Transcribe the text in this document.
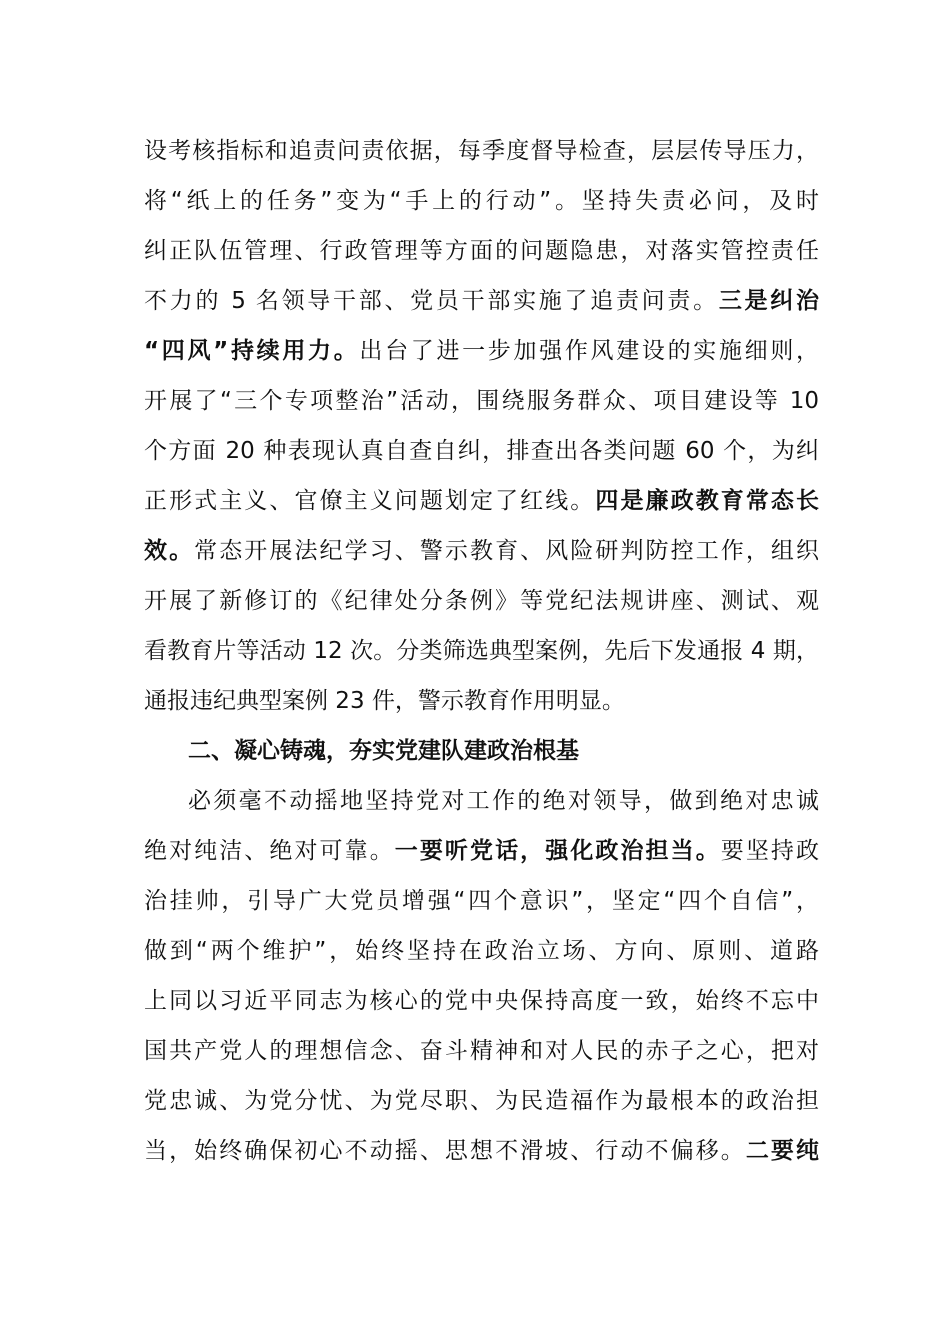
设考核指标和追责问责依据，每季度督导检查，层层传导压力，
将“纸上的任务”变为“手上的行动”。坚持失责必问，及时
纠正队伍管理、行政管理等方面的问题隐患，对落实管控责任
不力的 5 名领导干部、党员干部实施了追责问责。三是纠治
“四风”持续用力。出台了进一步加强作风建设的实施细则，
开展了“三个专项整治”活动，围绕服务群众、项目建设等 10
个方面 20 种表现认真自查自纠，排查出各类问题 60 个，为纠
正形式主义、官僚主义问题划定了红线。四是廉政教育常态长
效。常态开展法纪学习、警示教育、风险研判防控工作，组织
开展了新修订的《纪律处分条例》等党纪法规讲座、测试、观
看教育片等活动 12 次。分类筛选典型案例，先后下发通报 4 期，
通报违纪典型案例 23 件，警示教育作用明显。
二、凝心铸魂，夯实党建队建政治根基
必须毫不动摇地坚持党对工作的绝对领导，做到绝对忠诚
绝对纯洁、绝对可靠。一要听党话，强化政治担当。要坚持政
治挂帅，引导广大党员增强“四个意识”，坚定“四个自信”，
做到“两个维护”，始终坚持在政治立场、方向、原则、道路
上同以习近平同志为核心的党中央保持高度一致，始终不忘中
国共产党人的理想信念、奋斗精神和对人民的赤子之心，把对
党忠诚、为党分忧、为党尽职、为民造福作为最根本的政治担
当，始终确保初心不动摇、思想不滑坡、行动不偏移。二要纯
